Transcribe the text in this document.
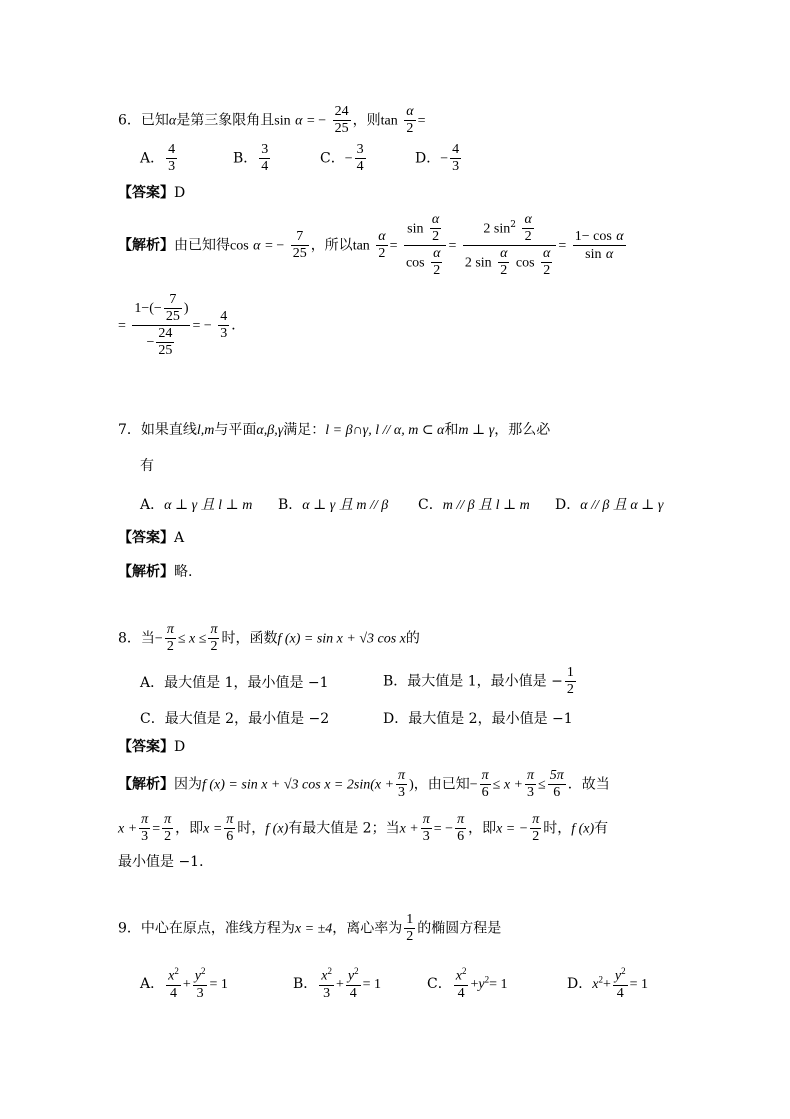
6．已知α是第三象限角且sin α = − $\frac{24}{25}$ ，则$\tan \frac{\alpha}{2}$ =
A． $\frac{4}{3}$	B． $\frac{3}{4}$	C．− $\frac{3}{4}$	D．− $\frac{4}{3}$
【答案】D
【解析】由已知得cos α = − $\frac{7}{25}$ ，所以$\tan \frac{\alpha}{2} = \frac{\sin \frac{\alpha}{2}}{\cos \frac{\alpha}{2}} = \frac{2 \sin^2 \frac{\alpha}{2}}{2 \sin \frac{\alpha}{2} \cos \frac{\alpha}{2}} = \frac{\text{1− cos α}}{\text{sin α}}$
= $\frac{1-(- \frac{7}{25} )}{- \frac{24}{25}}$ = − $\frac{4}{3}$ ．
7．如果直线l,m与平面α,β,γ满足：l = β∩γ, l // α, m ⊂ α和m ⊥ γ，那么必
有
A．α ⊥ γ 且 l ⊥ m B．α ⊥ γ 且 m // β C．m // β 且 l ⊥ m D．α // β 且 α ⊥ γ
【答案】A
【解析】略.
8．当− $\frac{\pi}{2} \le x \le \frac{\pi}{2}$ 时，函数f (x) = sin x + √3 cos x的
A．最大值是 1，最小值是 −1	B．最大值是 1，最小值是 − $\frac{1}{2}$
C．最大值是 2，最小值是 −2	D．最大值是 2，最小值是 −1
【答案】D
【解析】因为f (x) = sin x + √3 $\cos x = 2\sin(x + \frac{\pi}{3}$ )，由已知− $\frac{\pi}{6} \le x + \frac{\pi}{3} \le \frac{5\pi}{6}$ ．故当
$x + \frac{\pi}{3} = \frac{\pi}{2}$ ，即$x = \frac{\pi}{6}$ 时，f (x)有最大值是 2；当$x + \frac{\pi}{3}$ = − $\frac{\pi}{6}$ ，即x = − $\frac{\pi}{2}$ 时，f (x)有
最小值是 −1．
9．中心在原点，准线方程为x = ±4，离心率为 $\frac{1}{2}$ 的椭圆方程是
A． $\frac{x^2}{4} + \frac{y^2}{3} = 1$	B． $\frac{x^2}{3} + \frac{y^2}{4} = 1$	C． $\frac{x^2}{4} +y^2= 1$	D．$x^2+ \frac{y^2}{4} = 1$
